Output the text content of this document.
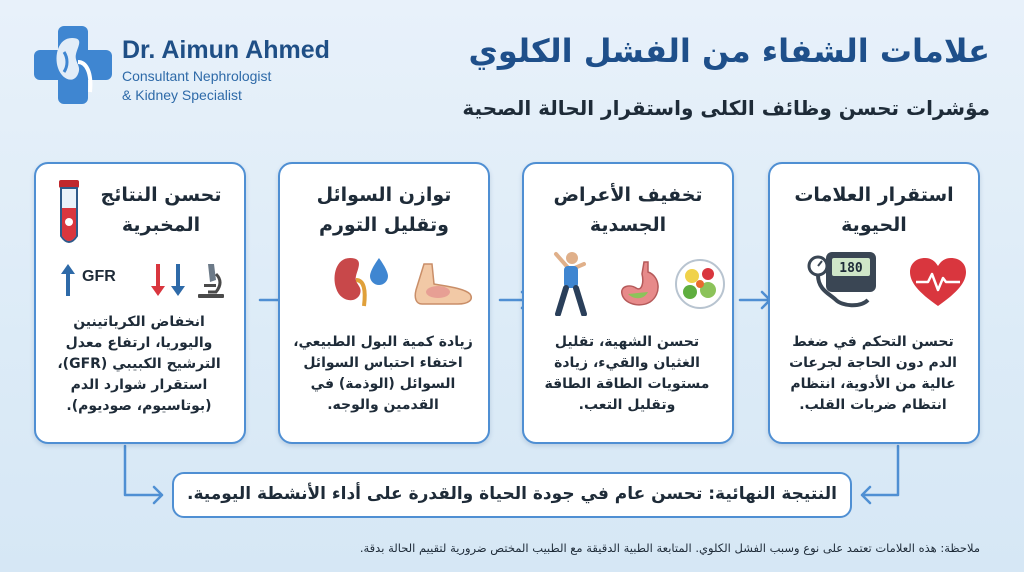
Dr. Aimun Ahmed
Consultant Nephrologist
& Kidney Specialist
علامات الشفاء من الفشل الكلوي
مؤشرات تحسن وظائف الكلى واستقرار الحالة الصحية
تحسن النتائج
المخبرية
GFR
انخفاض الكرياتينين
واليوريا، ارتفاع معدل
الترشيح الكبيبي (GFR)،
استقرار شوارد الدم
(بوتاسيوم، صوديوم).
توازن السوائل
وتقليل التورم
زيادة كمية البول الطبيعي،
اختفاء احتباس السوائل
السوائل (الوذمة) في
القدمين والوجه.
تخفيف الأعراض
الجسدية
تحسن الشهية، تقليل
الغثيان والقيء، زيادة
مستويات الطاقة الطاقة
وتقليل التعب.
استقرار العلامات
الحيوية
180
تحسن التحكم في ضغط
الدم دون الحاجة لجرعات
عالية من الأدوية، انتظام
انتظام ضربات القلب.
النتيجة النهائية: تحسن عام في جودة الحياة والقدرة على أداء الأنشطة اليومية.
ملاحظة: هذه العلامات تعتمد على نوع وسبب الفشل الكلوي. المتابعة الطبية الدقيقة مع الطبيب المختص ضرورية لتقييم الحالة بدقة.
